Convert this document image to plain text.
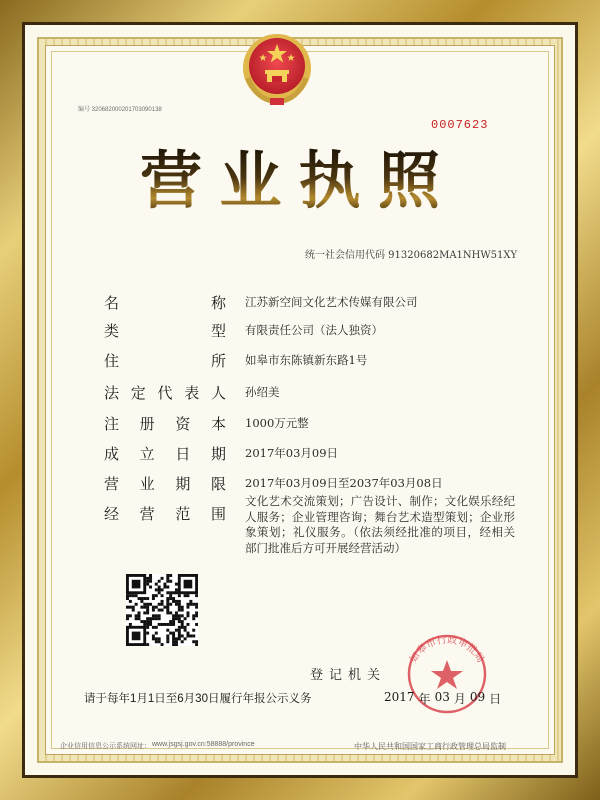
编号 320682000201703090138
0007623
营 业 执 照
统一社会信用代码 91320682MA1NHW51XY
名	称 江苏新空间文化艺术传媒有限公司
类	型 有限责任公司（法人独资）
住	所 如皋市东陈镇新东路1号
法 定 代 表 人 孙绍美
注 册 资 本 1000万元整
成 立 日 期 2017年03月09日
营 业 期 限 2017年03月09日至2037年03月08日
经 营 范 围
文化艺术交流策划；广告设计、制作；文化娱乐经纪人服务；企业管理咨询；舞台艺术造型策划；企业形象策划；礼仪服务。（依法须经批准的项目，经相关部门批准后方可开展经营活动）
如皋市行政审批局
登记机关
请于每年1月1日至6月30日履行年报公示义务	2017 年 03 月 09 日
企业信用信息公示系统网址： www.jsgsj.gov.cn:58888/province	中华人民共和国国家工商行政管理总局监制
